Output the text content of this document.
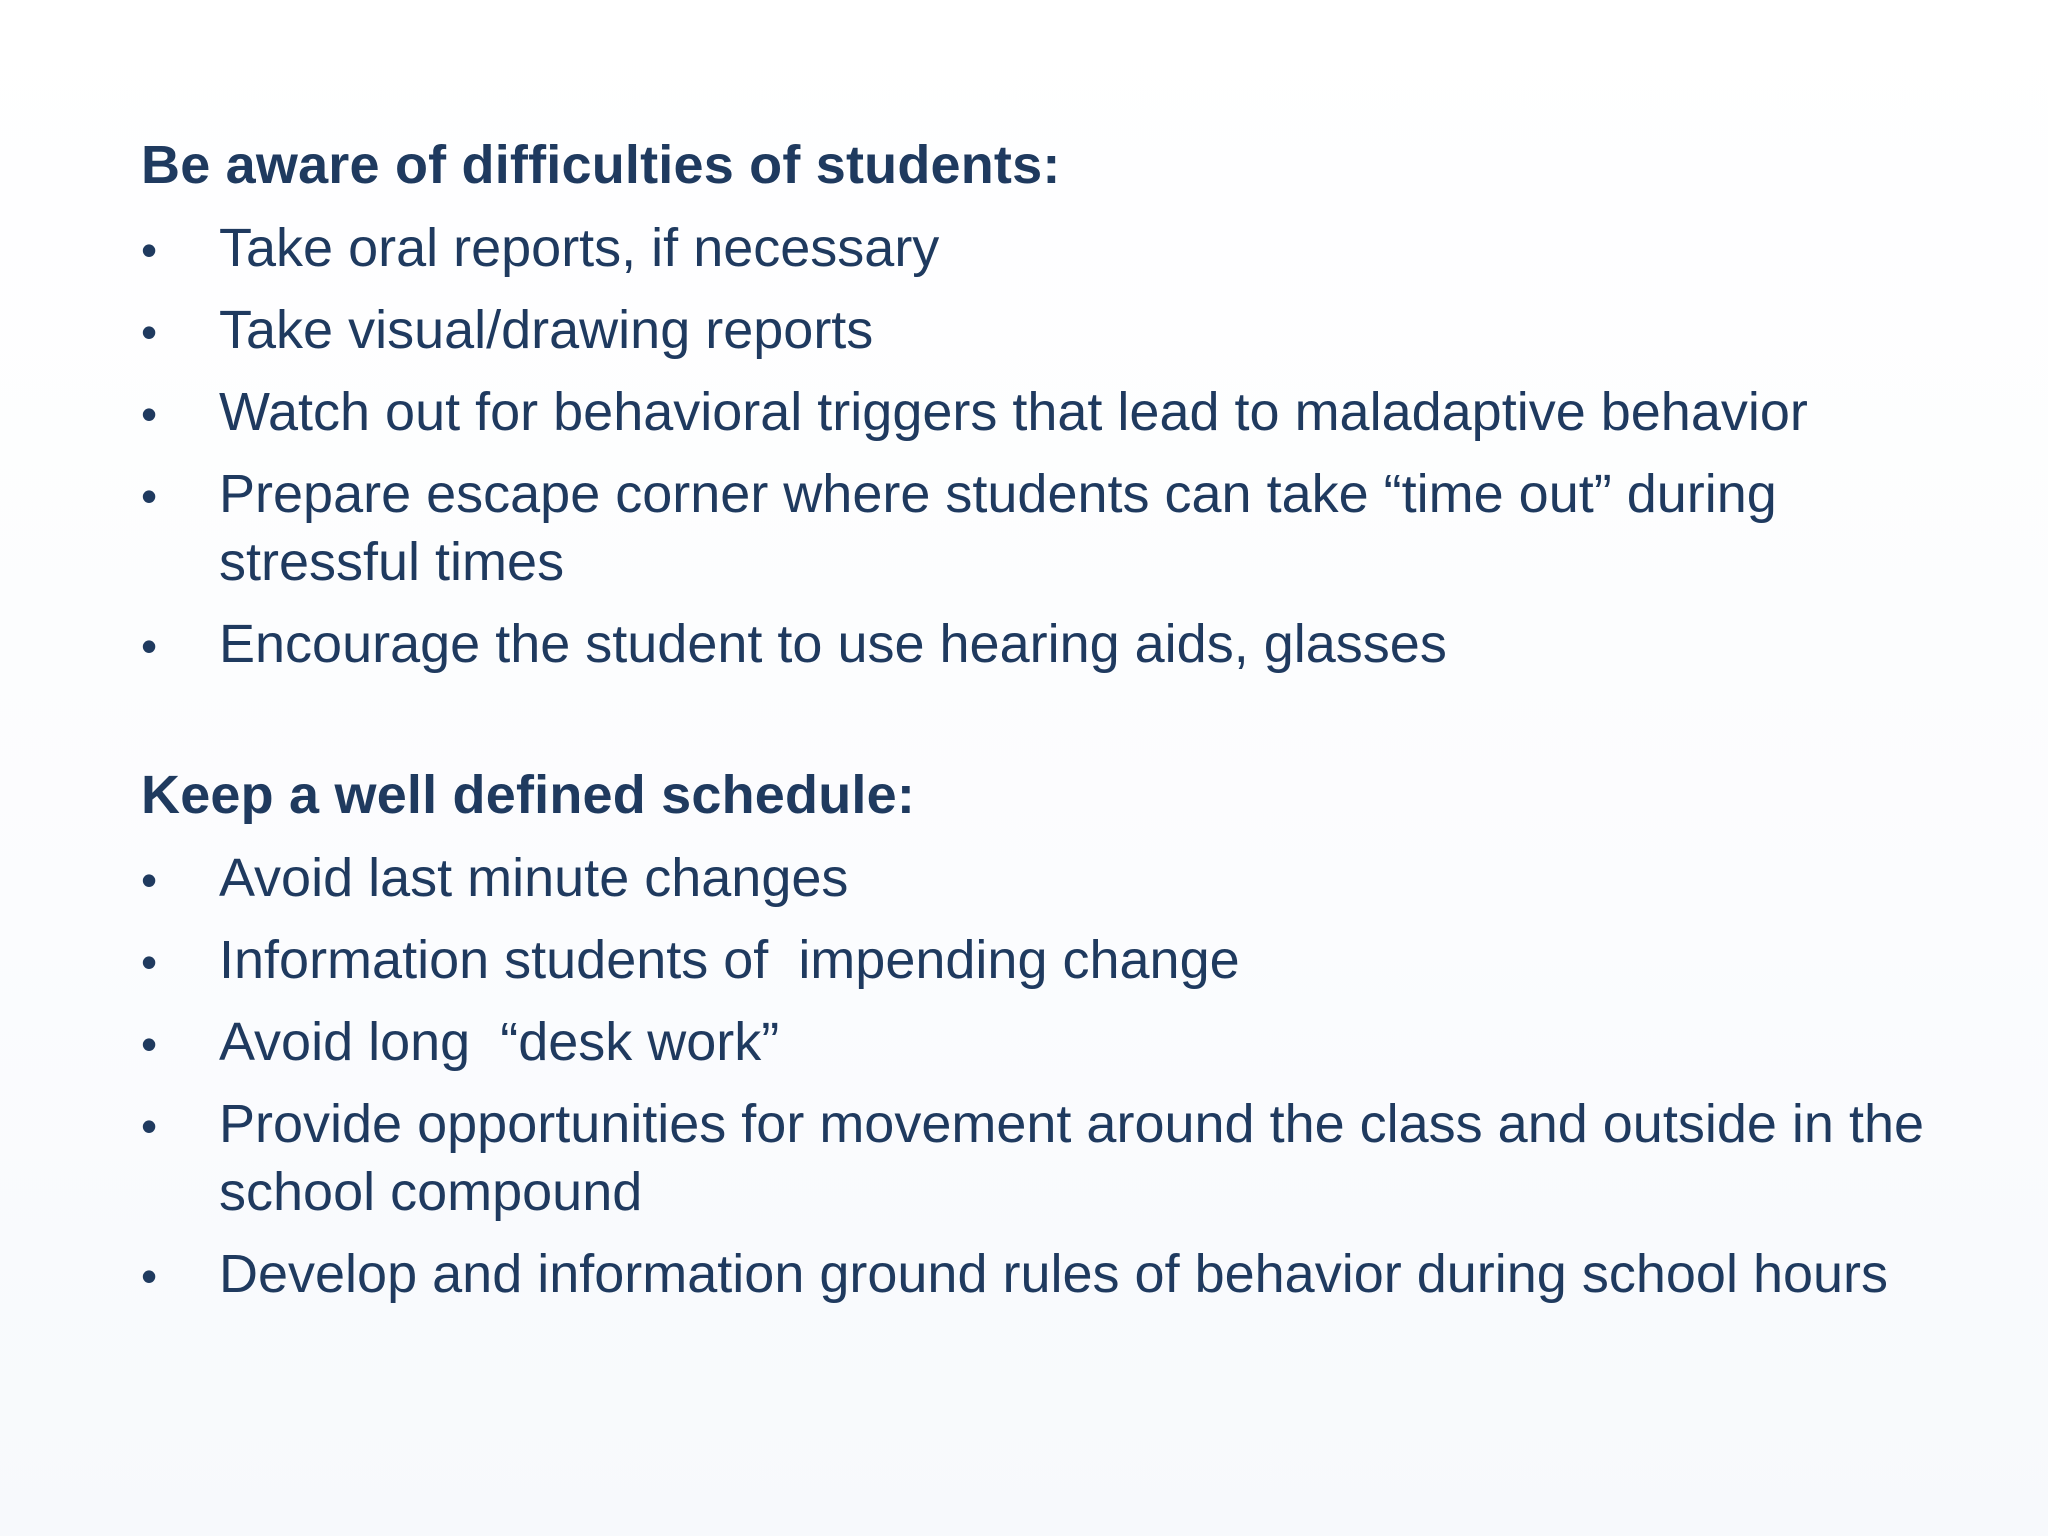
Be aware of difficulties of students:
•
Take oral reports, if necessary
•
Take visual/drawing reports
•
Watch out for behavioral triggers that lead to maladaptive behavior
•
Prepare escape corner where students can take “time out” during stressful times
•
Encourage the student to use hearing aids, glasses
Keep a well defined schedule:
•
Avoid last minute changes
•
Information students of  impending change
•
Avoid long  “desk work”
•
Provide opportunities for movement around the class and outside in the school compound
•
Develop and information ground rules of behavior during school hours
